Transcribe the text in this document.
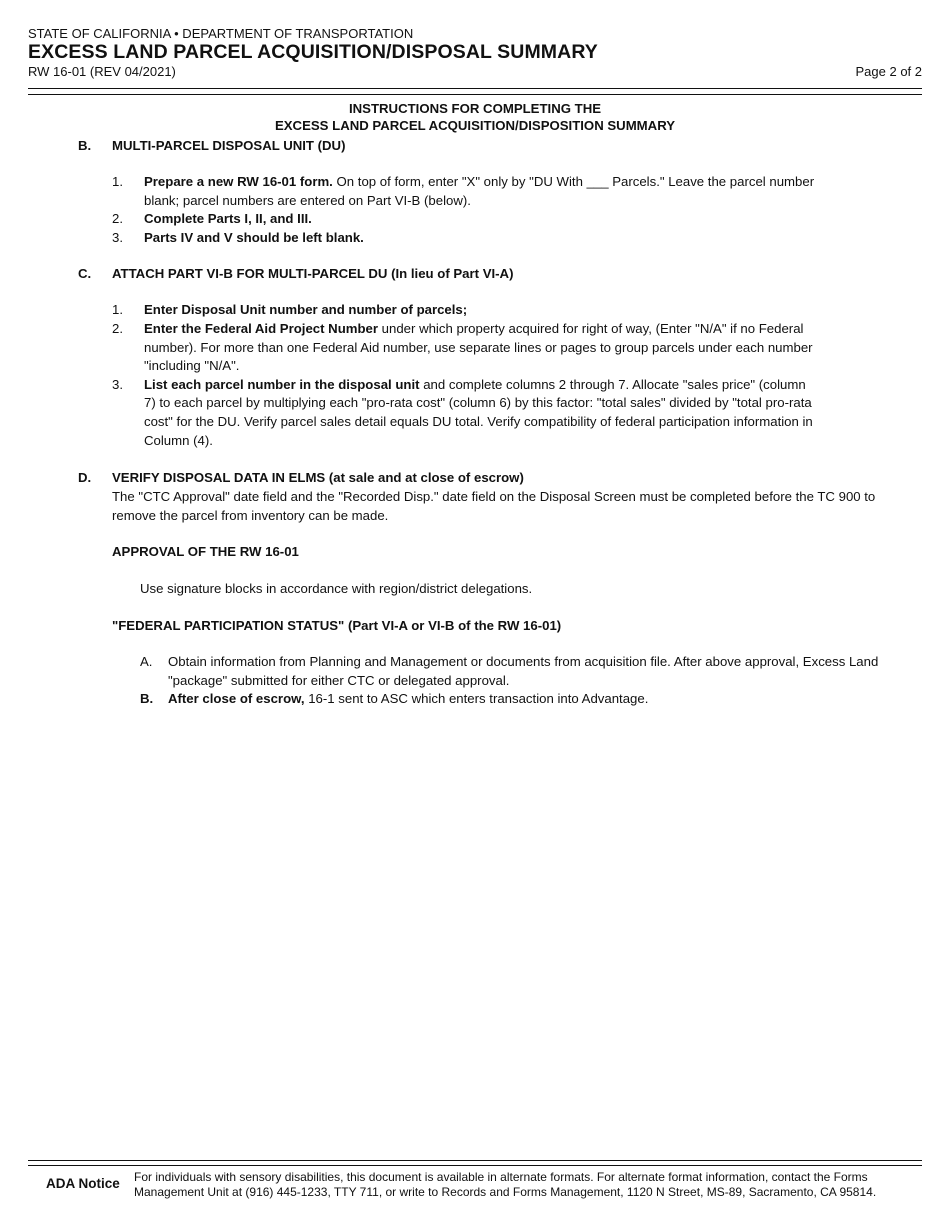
STATE OF CALIFORNIA • DEPARTMENT OF TRANSPORTATION
EXCESS LAND PARCEL ACQUISITION/DISPOSAL SUMMARY
RW 16-01 (REV 04/2021)	Page 2 of 2
INSTRUCTIONS FOR COMPLETING THE
EXCESS LAND PARCEL ACQUISITION/DISPOSITION SUMMARY
B. MULTI-PARCEL DISPOSAL UNIT (DU)
1. Prepare a new RW 16-01 form. On top of form, enter "X" only by "DU With ___ Parcels." Leave the parcel number blank; parcel numbers are entered on Part VI-B (below).
2. Complete Parts I, II, and III.
3. Parts IV and V should be left blank.
C. ATTACH PART VI-B FOR MULTI-PARCEL DU (In lieu of Part VI-A)
1. Enter Disposal Unit number and number of parcels;
2. Enter the Federal Aid Project Number under which property acquired for right of way, (Enter "N/A" if no Federal number). For more than one Federal Aid number, use separate lines or pages to group parcels under each number "including "N/A".
3. List each parcel number in the disposal unit and complete columns 2 through 7. Allocate "sales price" (column 7) to each parcel by multiplying each "pro-rata cost" (column 6) by this factor: "total sales" divided by "total pro-rata cost" for the DU. Verify parcel sales detail equals DU total. Verify compatibility of federal participation information in Column (4).
D. VERIFY DISPOSAL DATA IN ELMS (at sale and at close of escrow)
The "CTC Approval" date field and the "Recorded Disp." date field on the Disposal Screen must be completed before the TC 900 to remove the parcel from inventory can be made.
APPROVAL OF THE RW 16-01
Use signature blocks in accordance with region/district delegations.
"FEDERAL PARTICIPATION STATUS" (Part VI-A or VI-B of the RW 16-01)
A. Obtain information from Planning and Management or documents from acquisition file. After above approval, Excess Land "package" submitted for either CTC or delegated approval.
B. After close of escrow, 16-1 sent to ASC which enters transaction into Advantage.
ADA Notice	For individuals with sensory disabilities, this document is available in alternate formats. For alternate format information, contact the Forms Management Unit at (916) 445-1233, TTY 711, or write to Records and Forms Management, 1120 N Street, MS-89, Sacramento, CA 95814.
